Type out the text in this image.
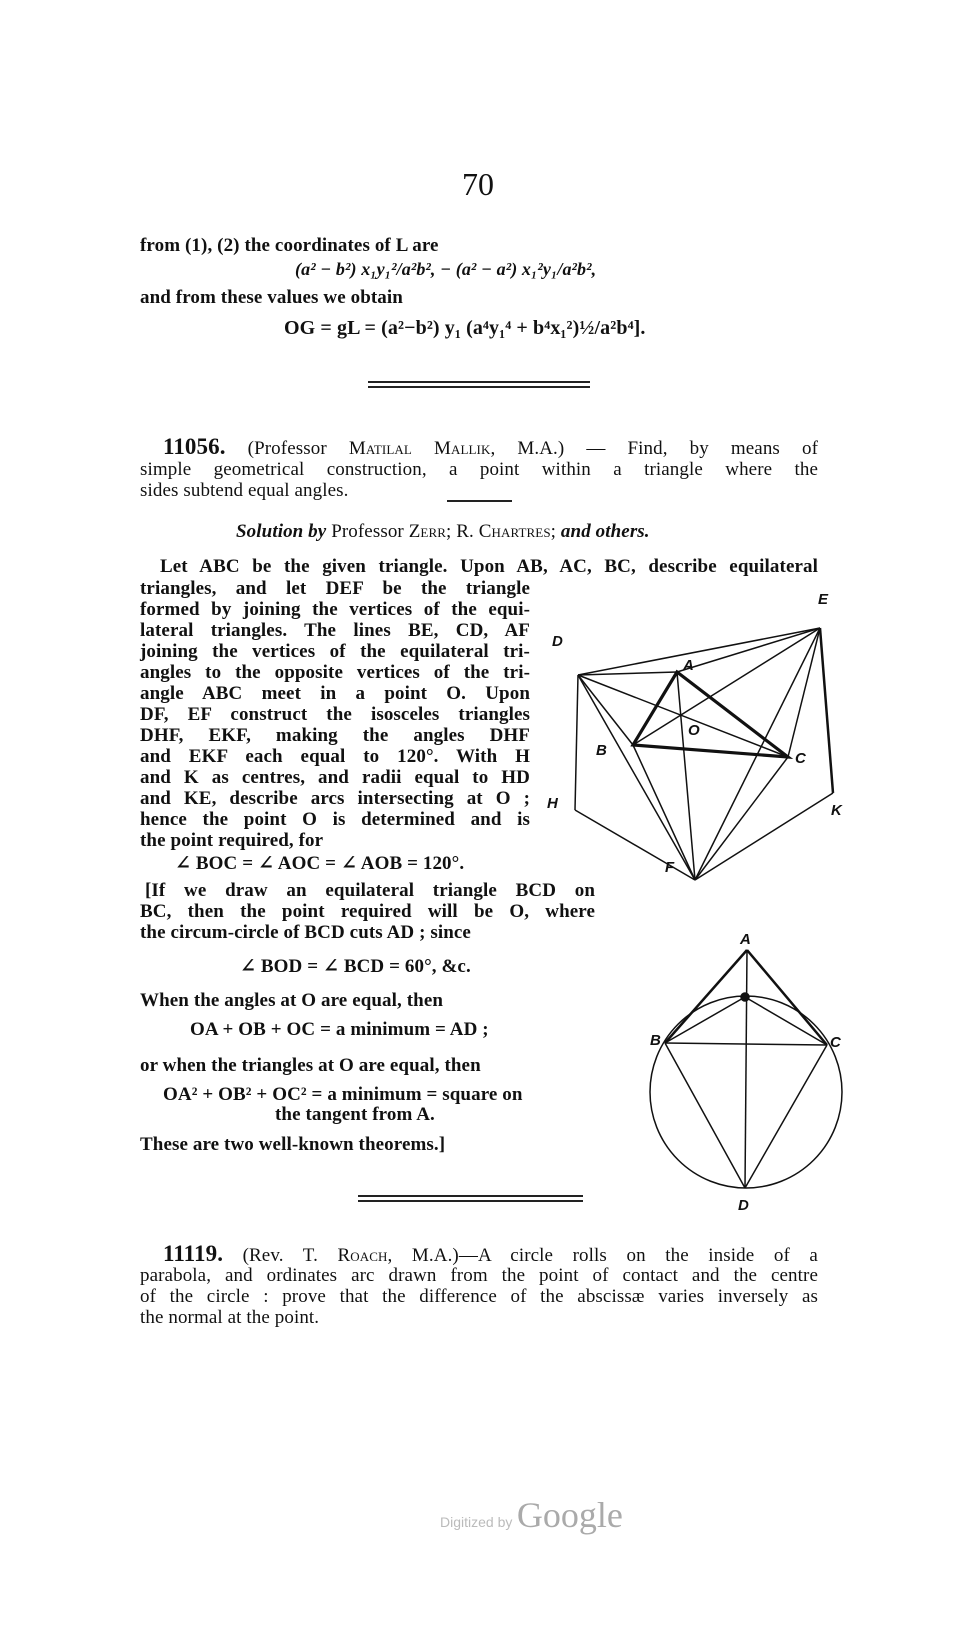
70
from (1), (2) the coordinates of L are
(a² − b²) x₁y₁²/a²b², − (a² − a²) x₁²y₁/a²b²,
and from these values we obtain
OG = gL = (a²−b²) y₁ (a⁴y₁⁴ + b⁴x₁²)½/a²b⁴].
11056. (Professor Matilal Mallik, M.A.) — Find, by means of
simple geometrical construction, a point within a triangle where the
sides subtend equal angles.
Solution by Professor Zerr; R. Chartres; and others.
Let ABC be the given triangle. Upon AB, AC, BC, describe equilateral
triangles, and let DEF be the triangle
formed by joining the vertices of the equi-
lateral triangles. The lines BE, CD, AF
joining the vertices of the equilateral tri-
angles to the opposite vertices of the tri-
angle ABC meet in a point O. Upon
DF, EF construct the isosceles triangles
DHF, EKF, making the angles DHF
and EKF each equal to 120°. With H
and K as centres, and radii equal to HD
and KE, describe arcs intersecting at O ;
hence the point O is determined and is
the point required, for
∠ BOC = ∠ AOC = ∠ AOB = 120°.
[If we draw an equilateral triangle BCD on
BC, then the point required will be O, where
the circum-circle of BCD cuts AD ; since
∠ BOD = ∠ BCD = 60°, &c.
When the angles at O are equal, then
OA + OB + OC = a minimum = AD ;
or when the triangles at O are equal, then
OA² + OB² + OC² = a minimum = square on
the tangent from A.
These are two well-known theorems.]
D
E
A
O
B	C
H	K
F
A
B	C
D
11119. (Rev. T. Roach, M.A.)—A circle rolls on the inside of a
parabola, and ordinates arc drawn from the point of contact and the centre
of the circle : prove that the difference of the abscissæ varies inversely as
the normal at the point.
Digitized by Google
